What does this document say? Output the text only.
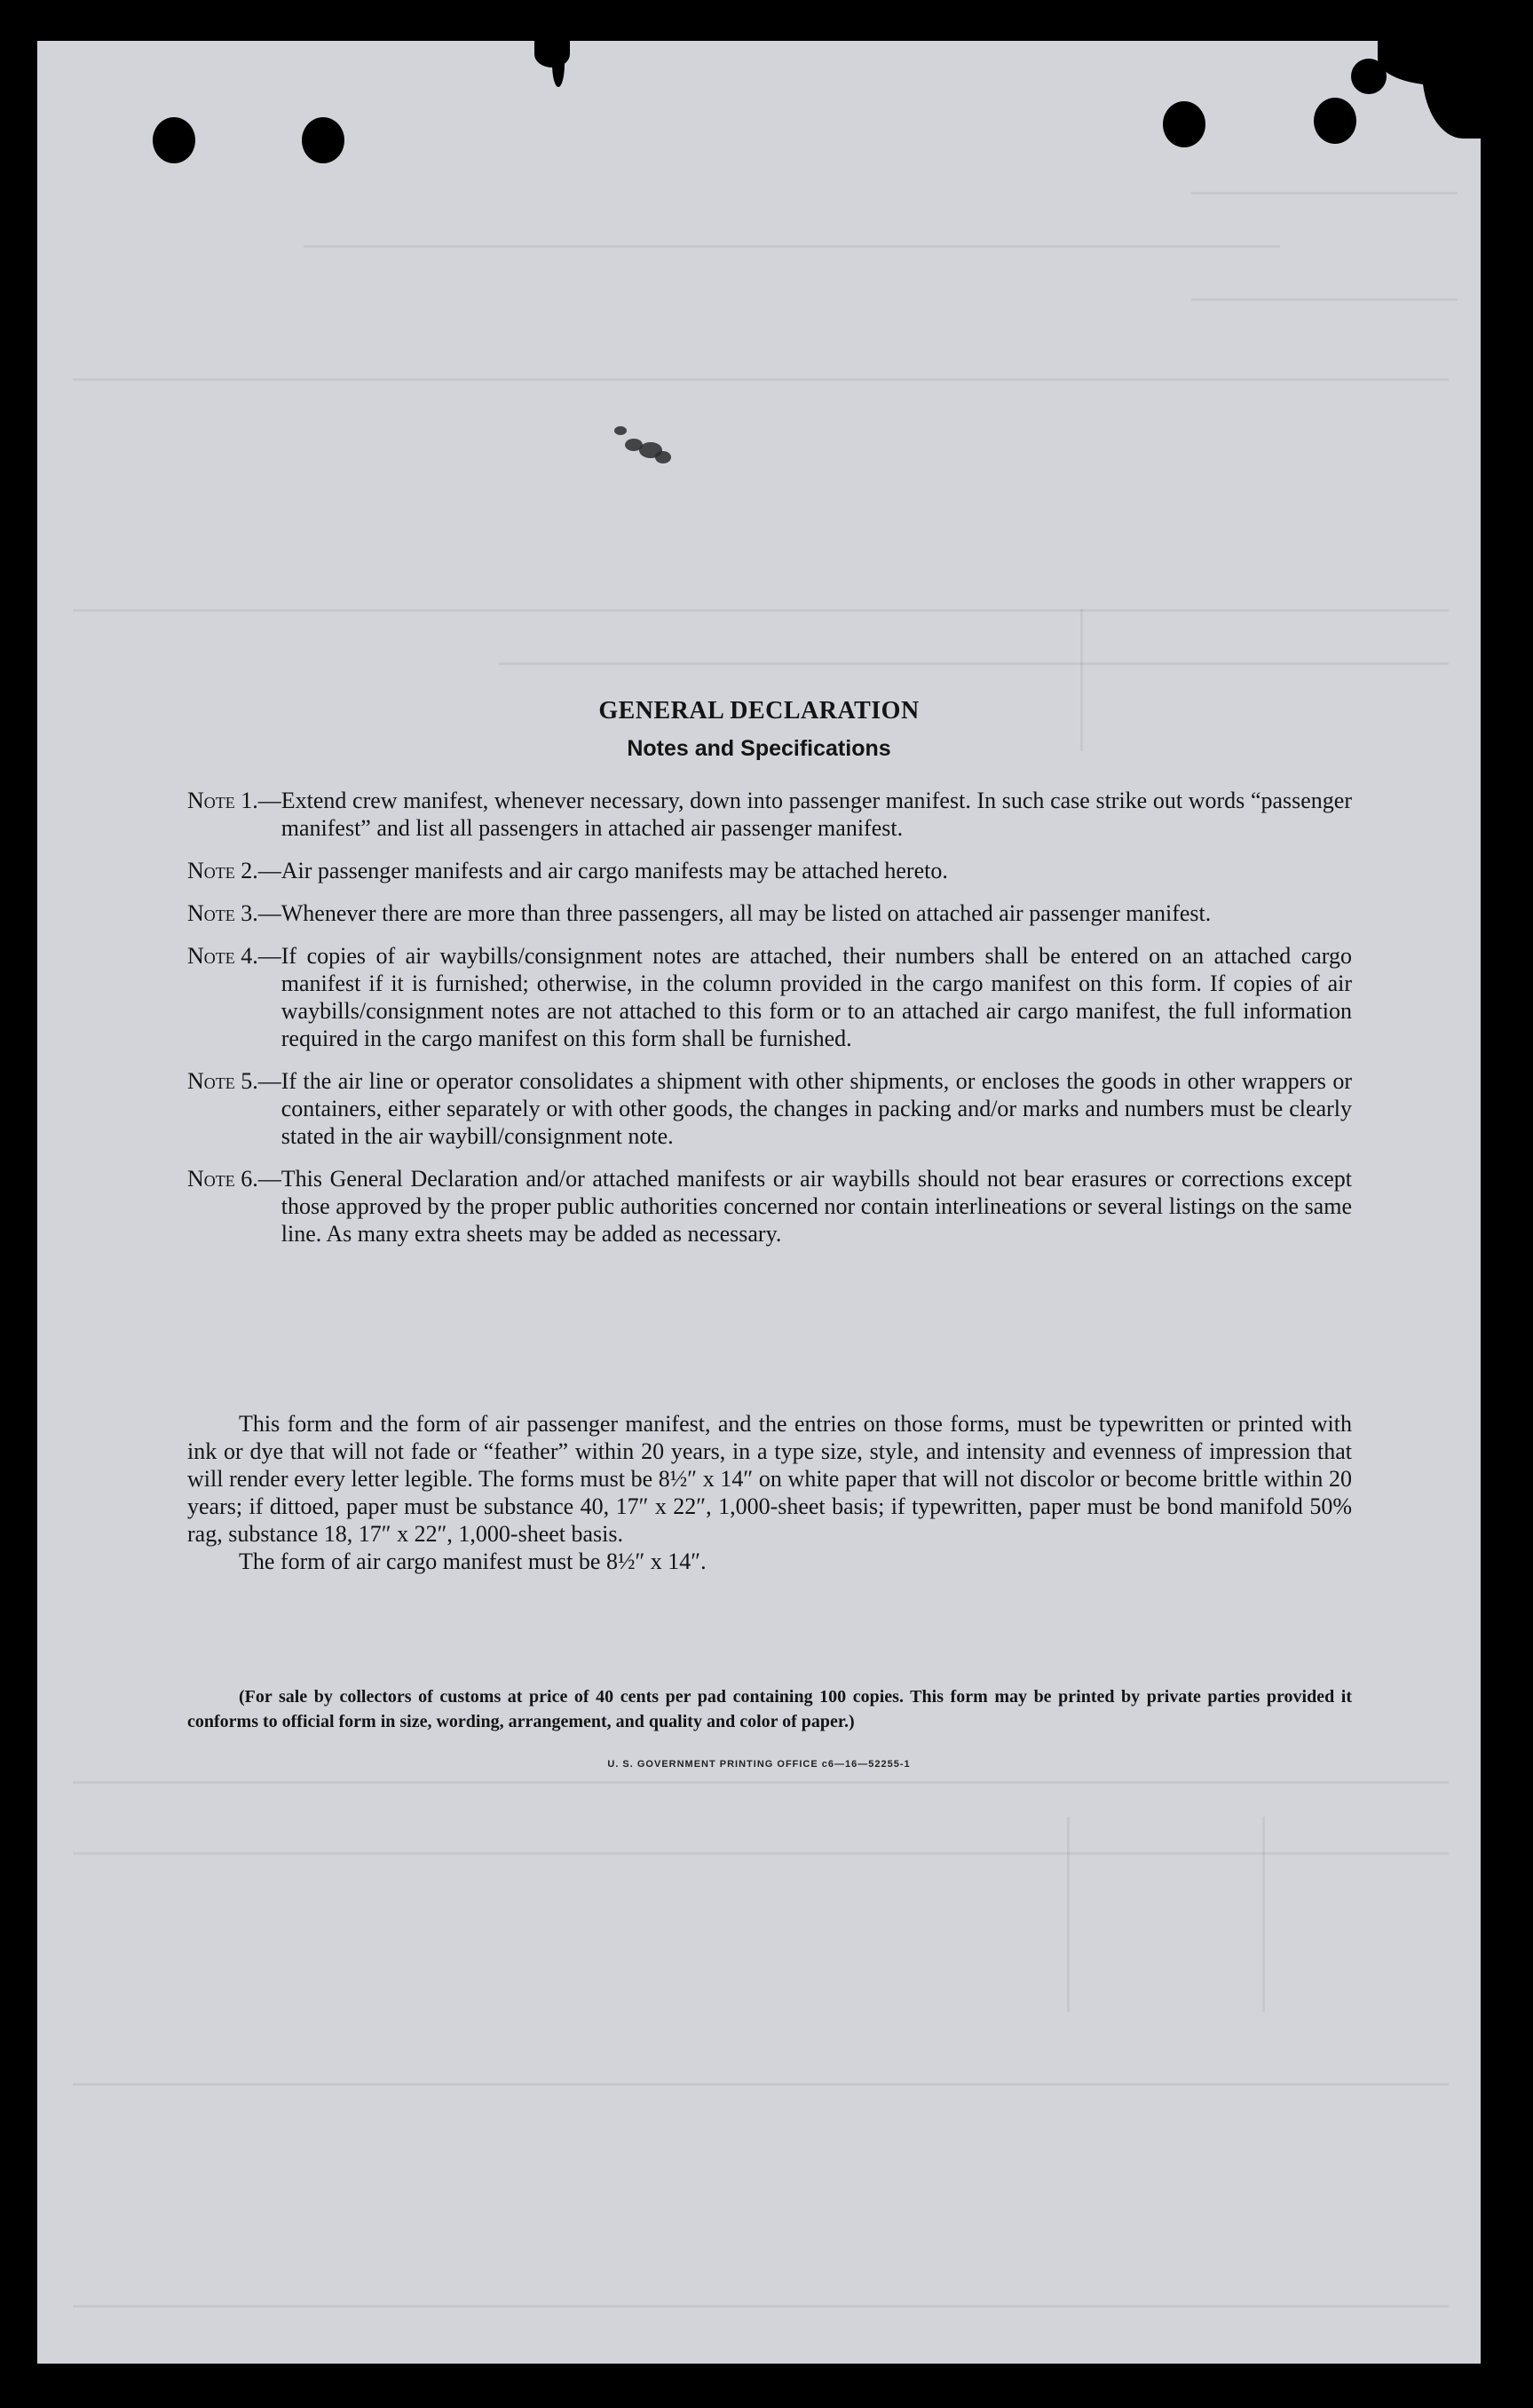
GENERAL DECLARATION
Notes and Specifications
Note 1. — Extend crew manifest, whenever necessary, down into passenger manifest. In such case strike out words “passenger manifest” and list all passengers in attached air passenger manifest.
Note 2. — Air passenger manifests and air cargo manifests may be attached hereto.
Note 3. — Whenever there are more than three passengers, all may be listed on attached air passenger manifest.
Note 4. — If copies of air waybills/consignment notes are attached, their numbers shall be entered on an attached cargo manifest if it is furnished; otherwise, in the column provided in the cargo manifest on this form. If copies of air waybills/consignment notes are not attached to this form or to an attached air cargo manifest, the full information required in the cargo manifest on this form shall be furnished.
Note 5. — If the air line or operator consolidates a shipment with other shipments, or encloses the goods in other wrappers or containers, either separately or with other goods, the changes in packing and/or marks and numbers must be clearly stated in the air waybill/consignment note.
Note 6. — This General Declaration and/or attached manifests or air waybills should not bear erasures or corrections except those approved by the proper public authorities concerned nor contain interlineations or several listings on the same line. As many extra sheets may be added as necessary.

This form and the form of air passenger manifest, and the entries on those forms, must be typewritten or printed with ink or dye that will not fade or “feather” within 20 years, in a type size, style, and intensity and evenness of impression that will render every letter legible. The forms must be 8½″ x 14″ on white paper that will not discolor or become brittle within 20 years; if dittoed, paper must be substance 40, 17″ x 22″, 1,000-sheet basis; if typewritten, paper must be bond manifold 50% rag, substance 18, 17″ x 22″, 1,000-sheet basis.

The form of air cargo manifest must be 8½″ x 14″.

(For sale by collectors of customs at price of 40 cents per pad containing 100 copies. This form may be printed by private parties provided it conforms to official form in size, wording, arrangement, and quality and color of paper.)

U. S. GOVERNMENT PRINTING OFFICE c6—16—52255-1
